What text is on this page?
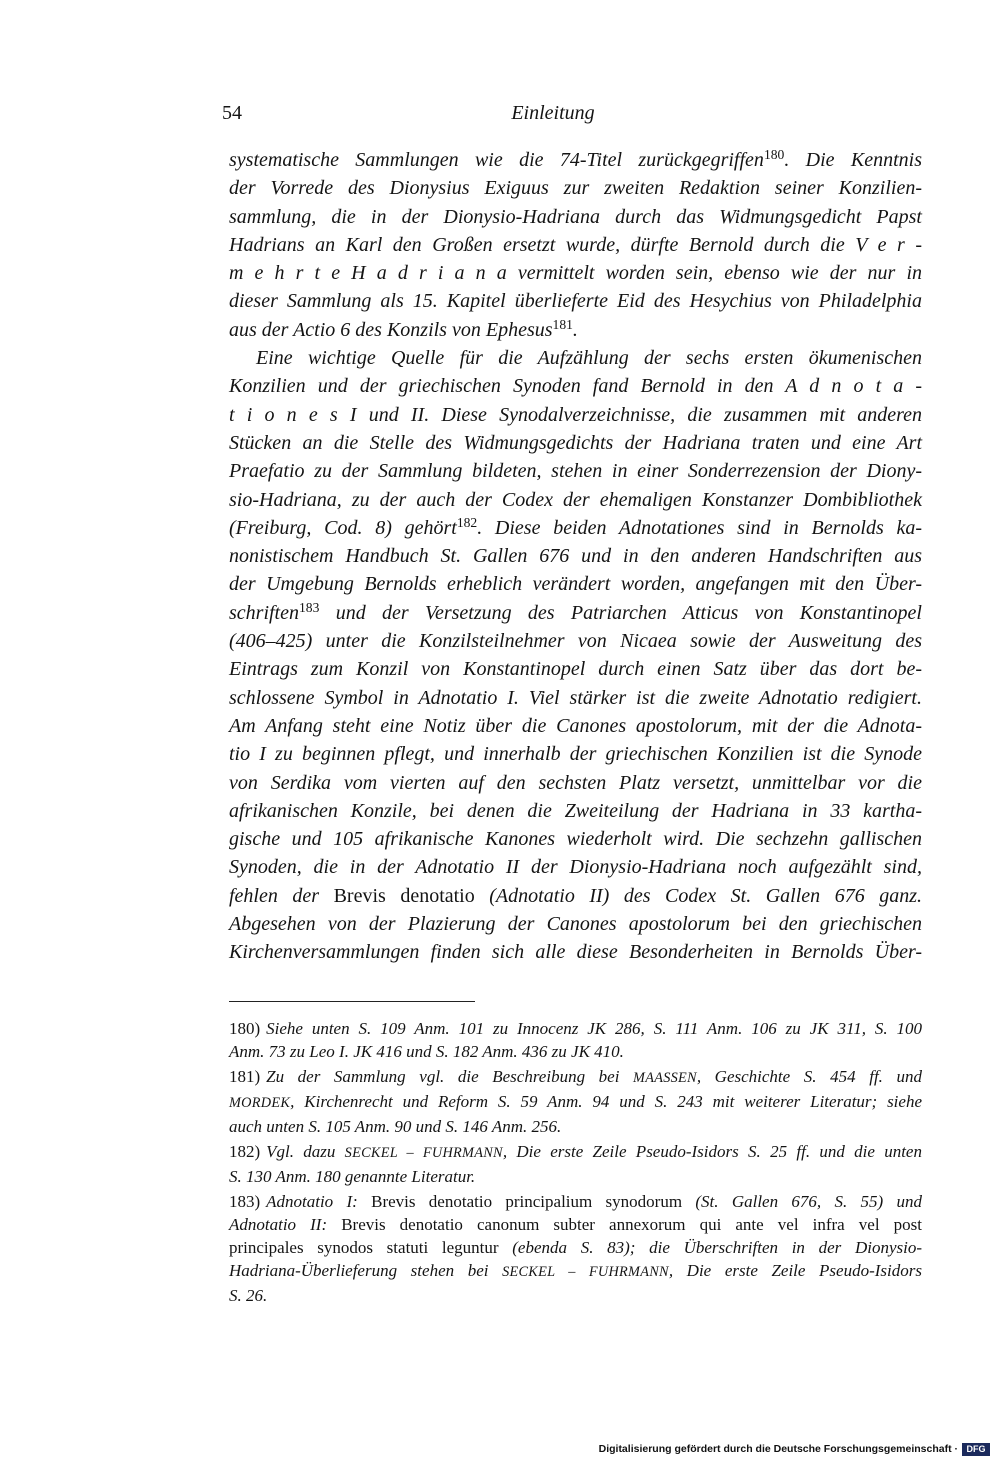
54	Einleitung
systematische Sammlungen wie die 74-Titel zurückgegriffen$^{180}$. Die Kenntnis
der Vorrede des Dionysius Exiguus zur zweiten Redaktion seiner Konzilien-
sammlung, die in der Dionysio-Hadriana durch das Widmungsgedicht Papst
Hadrians an Karl den Großen ersetzt wurde, dürfte Bernold durch die V e r -
m e h r t e H a d r i a n a vermittelt worden sein, ebenso wie der nur in
dieser Sammlung als 15. Kapitel überlieferte Eid des Hesychius von Philadelphia
aus der Actio 6 des Konzils von Ephesus$^{181}$.
Eine wichtige Quelle für die Aufzählung der sechs ersten ökumenischen
Konzilien und der griechischen Synoden fand Bernold in den A d n o t a -
t i o n e s I und II. Diese Synodalverzeichnisse, die zusammen mit anderen
Stücken an die Stelle des Widmungsgedichts der Hadriana traten und eine Art
Praefatio zu der Sammlung bildeten, stehen in einer Sonderrezension der Diony-
sio-Hadriana, zu der auch der Codex der ehemaligen Konstanzer Dombibliothek
(Freiburg, Cod. 8) gehört$^{182}$. Diese beiden Adnotationes sind in Bernolds ka-
nonistischem Handbuch St. Gallen 676 und in den anderen Handschriften aus
der Umgebung Bernolds erheblich verändert worden, angefangen mit den Über-
schriften$^{183}$ und der Versetzung des Patriarchen Atticus von Konstantinopel
(406–425) unter die Konzilsteilnehmer von Nicaea sowie der Ausweitung des
Eintrags zum Konzil von Konstantinopel durch einen Satz über das dort be-
schlossene Symbol in Adnotatio I. Viel stärker ist die zweite Adnotatio redigiert.
Am Anfang steht eine Notiz über die Canones apostolorum, mit der die Adnota-
tio I zu beginnen pflegt, und innerhalb der griechischen Konzilien ist die Synode
von Serdika vom vierten auf den sechsten Platz versetzt, unmittelbar vor die
afrikanischen Konzile, bei denen die Zweiteilung der Hadriana in 33 kartha-
gische und 105 afrikanische Kanones wiederholt wird. Die sechzehn gallischen
Synoden, die in der Adnotatio II der Dionysio-Hadriana noch aufgezählt sind,
fehlen der Brevis denotatio (Adnotatio II) des Codex St. Gallen 676 ganz.
Abgesehen von der Plazierung der Canones apostolorum bei den griechischen
Kirchenversammlungen finden sich alle diese Besonderheiten in Bernolds Über-
180) Siehe unten S. 109 Anm. 101 zu Innocenz JK 286, S. 111 Anm. 106 zu JK 311, S. 100
Anm. 73 zu Leo I. JK 416 und S. 182 Anm. 436 zu JK 410.
181) Zu der Sammlung vgl. die Beschreibung bei MAASSEN, Geschichte S. 454 ff. und
MORDEK, Kirchenrecht und Reform S. 59 Anm. 94 und S. 243 mit weiterer Literatur; siehe
auch unten S. 105 Anm. 90 und S. 146 Anm. 256.
182) Vgl. dazu SECKEL – FUHRMANN, Die erste Zeile Pseudo-Isidors S. 25 ff. und die unten
S. 130 Anm. 180 genannte Literatur.
183) Adnotatio I: Brevis denotatio principalium synodorum (St. Gallen 676, S. 55) und
Adnotatio II: Brevis denotatio canonum subter annexorum qui ante vel infra vel post
principales synodos statuti leguntur (ebenda S. 83); die Überschriften in der Dionysio-
Hadriana-Überlieferung stehen bei SECKEL – FUHRMANN, Die erste Zeile Pseudo-Isidors
S. 26.
Digitalisierung gefördert durch die Deutsche Forschungsgemeinschaft · DFG
